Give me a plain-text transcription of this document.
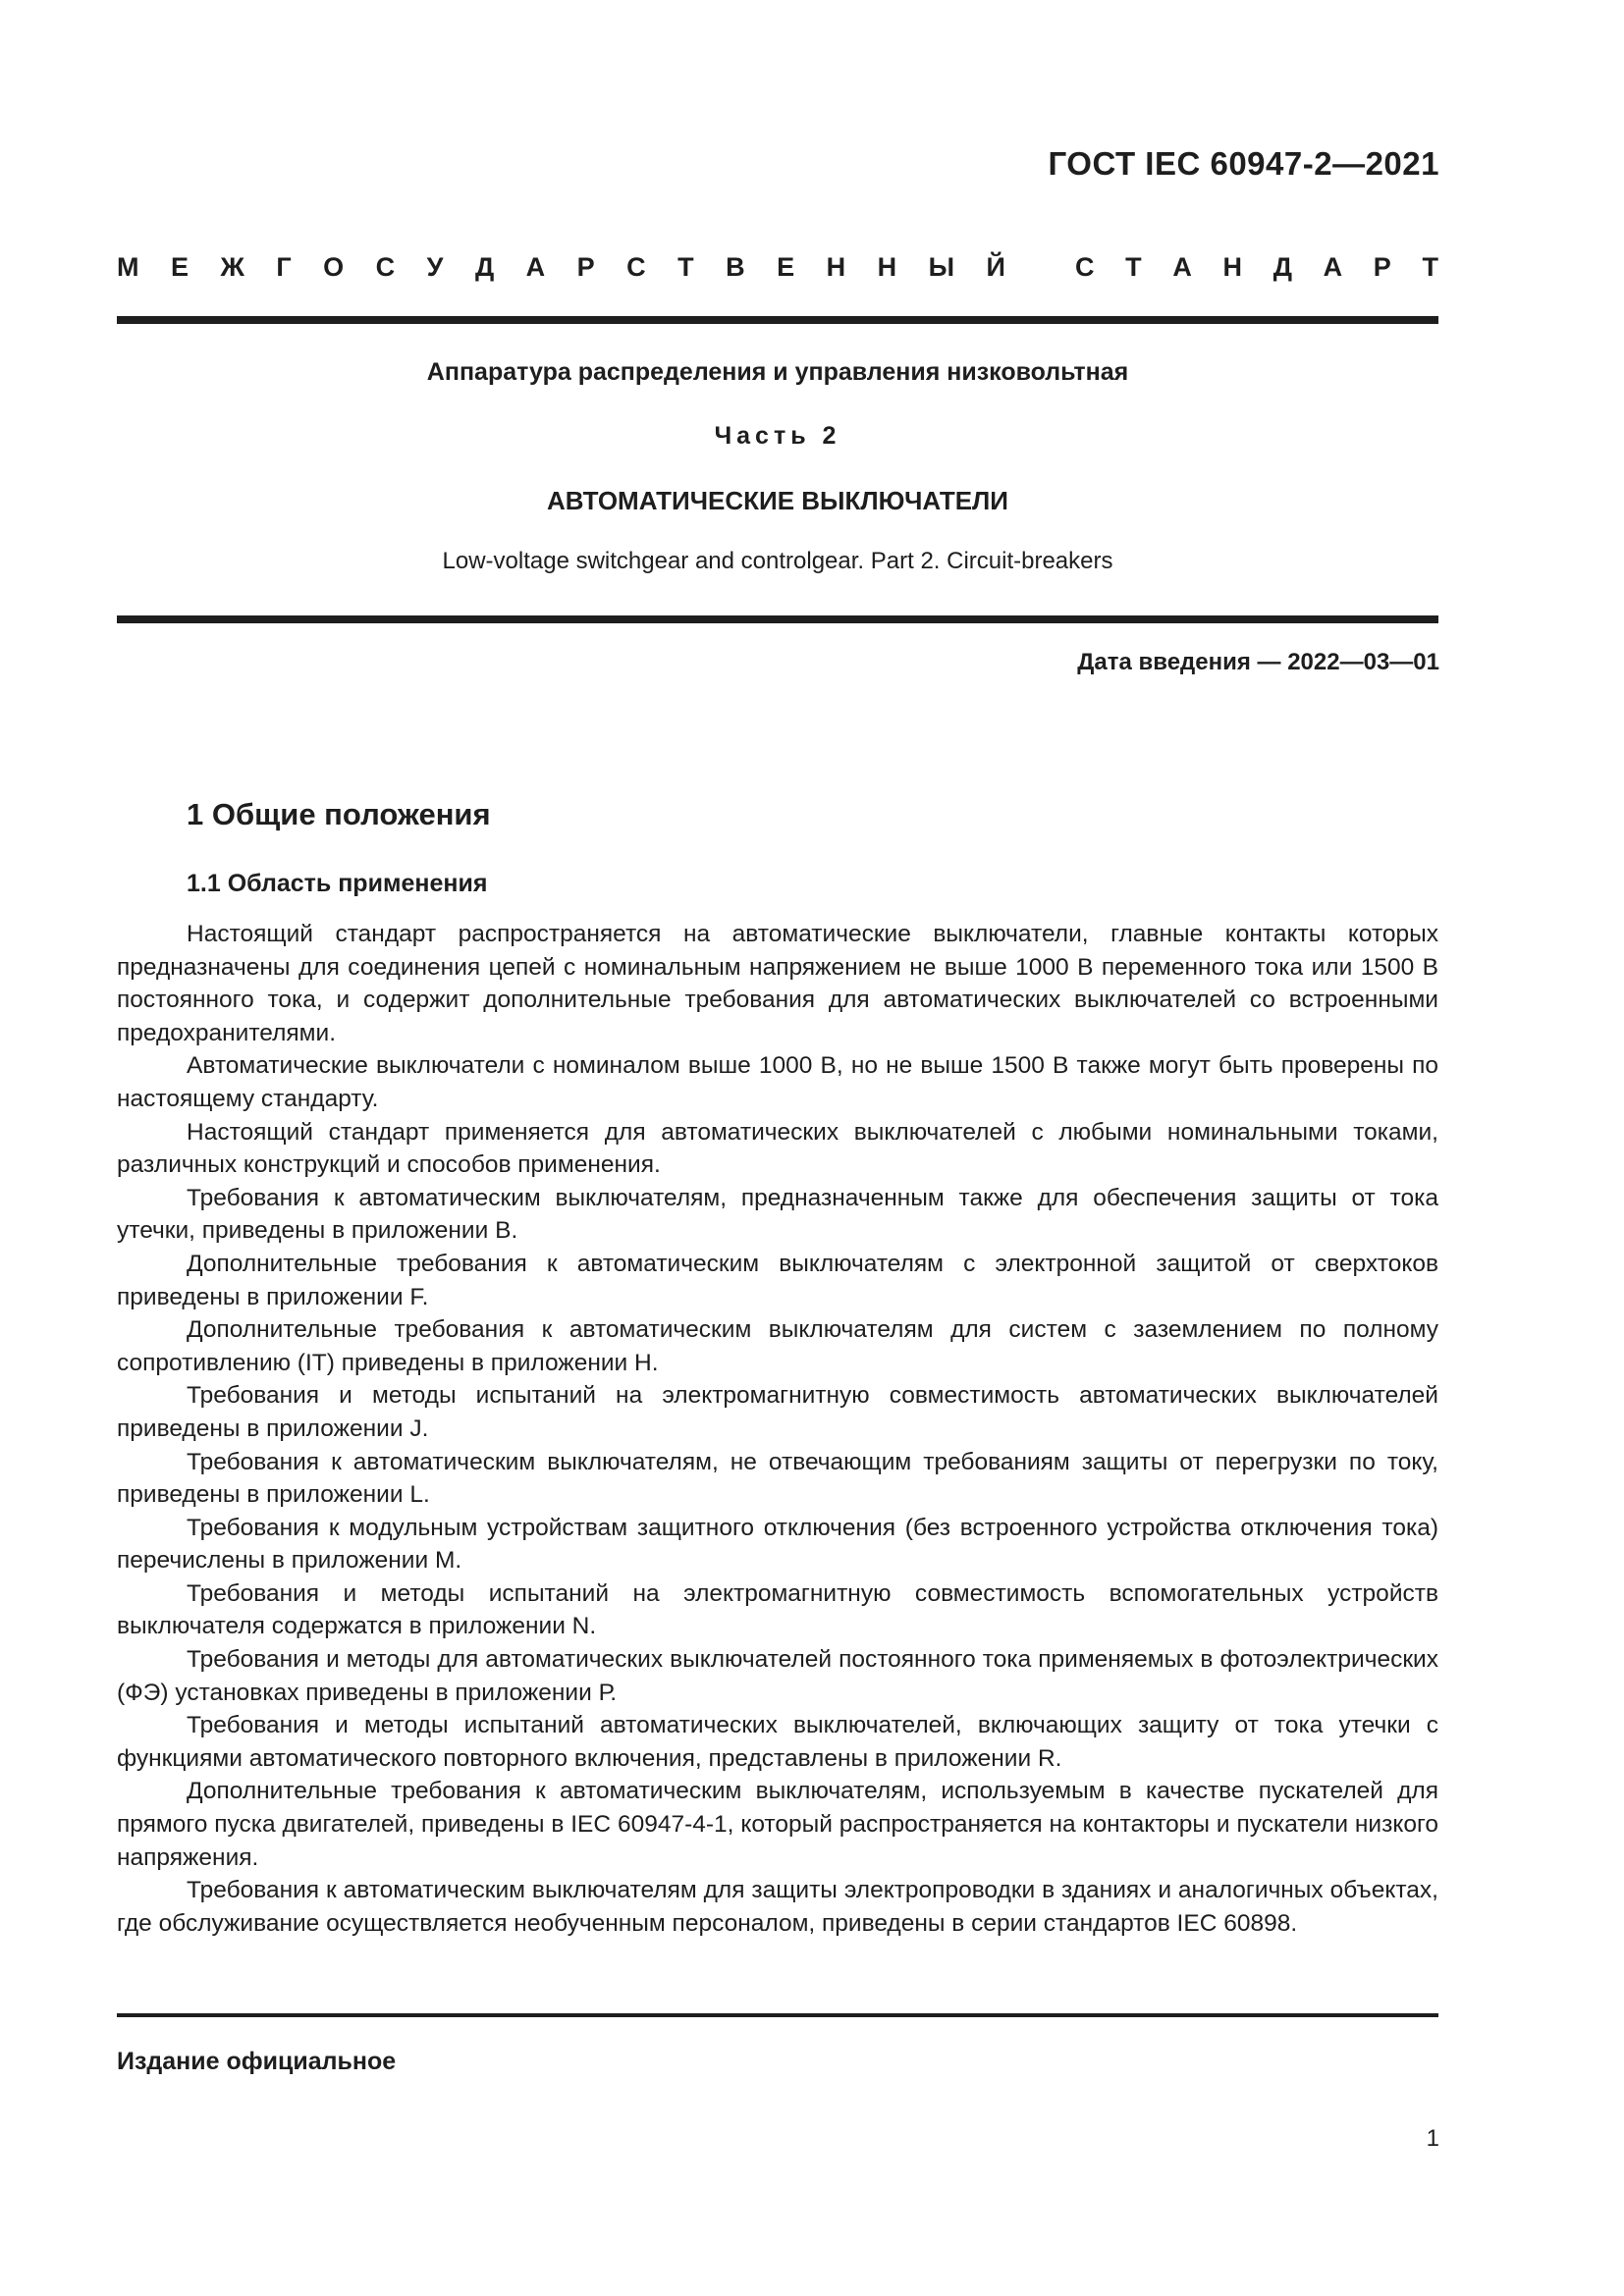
ГОСТ IEC 60947-2—2021
М Е Ж Г О С У Д А Р С Т В Е Н Н Ы Й	С Т А Н Д А Р Т

Аппаратура распределения и управления низковольтная

Часть 2

АВТОМАТИЧЕСКИЕ ВЫКЛЮЧАТЕЛИ

Low-voltage switchgear and controlgear. Part 2. Circuit-breakers

Дата введения — 2022—03—01

1 Общие положения
1.1 Область применения

Настоящий стандарт распространяется на автоматические выключатели, главные контакты которых предназначены для соединения цепей с номинальным напряжением не выше 1000 В переменного тока или 1500 В постоянного тока, и содержит дополнительные требования для автоматических выключателей со встроенными предохранителями.

Автоматические выключатели с номиналом выше 1000 В, но не выше 1500 В также могут быть проверены по настоящему стандарту.

Настоящий стандарт применяется для автоматических выключателей с любыми номинальными токами, различных конструкций и способов применения.

Требования к автоматическим выключателям, предназначенным также для обеспечения защиты от тока утечки, приведены в приложении В.

Дополнительные требования к автоматическим выключателям с электронной защитой от сверхтоков приведены в приложении F.

Дополнительные требования к автоматическим выключателям для систем с заземлением по полному сопротивлению (IT) приведены в приложении Н.

Требования и методы испытаний на электромагнитную совместимость автоматических выключателей приведены в приложении J.

Требования к автоматическим выключателям, не отвечающим требованиям защиты от перегрузки по току, приведены в приложении L.

Требования к модульным устройствам защитного отключения (без встроенного устройства отключения тока) перечислены в приложении М.

Требования и методы испытаний на электромагнитную совместимость вспомогательных устройств выключателя содержатся в приложении N.

Требования и методы для автоматических выключателей постоянного тока применяемых в фотоэлектрических (ФЭ) установках приведены в приложении Р.

Требования и методы испытаний автоматических выключателей, включающих защиту от тока утечки с функциями автоматического повторного включения, представлены в приложении R.

Дополнительные требования к автоматическим выключателям, используемым в качестве пускателей для прямого пуска двигателей, приведены в IEC 60947-4-1, который распространяется на контакторы и пускатели низкого напряжения.

Требования к автоматическим выключателям для защиты электропроводки в зданиях и аналогичных объектах, где обслуживание осуществляется необученным персоналом, приведены в серии стандартов IEC 60898.

Издание официальное

1
